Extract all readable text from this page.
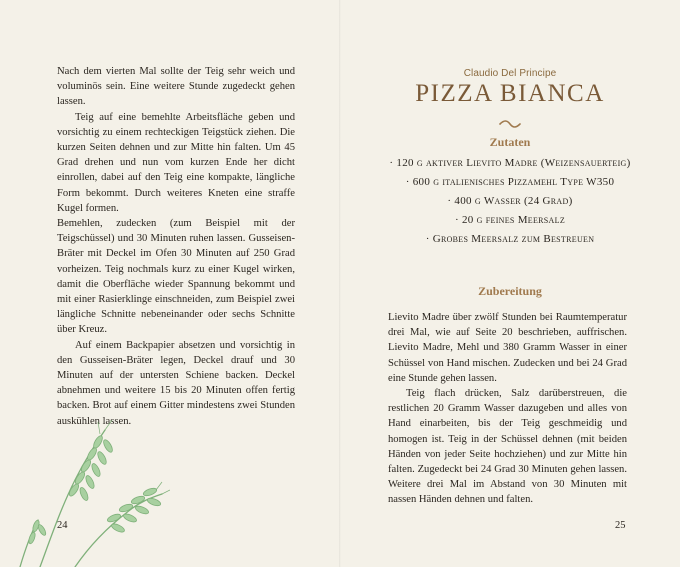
Nach dem vierten Mal sollte der Teig sehr weich und voluminös sein. Eine weitere Stunde zugedeckt gehen lassen.

Teig auf eine bemehlte Arbeitsfläche geben und vorsichtig zu einem rechteckigen Teigstück ziehen. Die kurzen Seiten dehnen und zur Mitte hin falten. Um 45 Grad drehen und nun vom kurzen Ende her dicht einrollen, dabei auf den Teig eine kompakte, längliche Form bekommt. Durch weiteres Kneten eine straffe Kugel formen.

Bemehlen, zudecken (zum Beispiel mit der Teigschüssel) und 30 Minuten ruhen lassen. Gusseisen-Bräter mit Deckel im Ofen 30 Minuten auf 250 Grad vorheizen. Teig nochmals kurz zu einer Kugel wirken, damit die Oberfläche wieder Spannung bekommt und mit einer Rasierklinge einschneiden, zum Beispiel zwei längliche Schnitte nebeneinander oder sechs Schnitte über Kreuz.

Auf einem Backpapier absetzen und vorsichtig in den Gusseisen-Bräter legen, Deckel drauf und 30 Minuten auf der untersten Schiene backen. Deckel abnehmen und weitere 15 bis 20 Minuten offen fertig backen. Brot auf einem Gitter mindestens zwei Stunden auskühlen lassen.

24
Claudio Del Principe
PIZZA BIANCA
Zutaten
· 120 g aktiver Lievito Madre (Weizensauerteig)
· 600 g italienisches Pizzamehl Type W350
· 400 g Wasser (24 Grad)
· 20 g feines Meersalz
· Grobes Meersalz zum Bestreuen
Zubereitung

Lievito Madre über zwölf Stunden bei Raumtemperatur drei Mal, wie auf Seite 20 beschrieben, auffrischen. Lievito Madre, Mehl und 380 Gramm Wasser in einer Schüssel von Hand mischen. Zudecken und bei 24 Grad eine Stunde gehen lassen.

Teig flach drücken, Salz darüberstreuen, die restlichen 20 Gramm Wasser dazugeben und alles von Hand einarbeiten, bis der Teig geschmeidig und homogen ist. Teig in der Schüssel dehnen (mit beiden Händen von jeder Seite hochziehen) und zur Mitte hin falten. Zugedeckt bei 24 Grad 30 Minuten gehen lassen. Weitere drei Mal im Abstand von 30 Minuten mit nassen Händen dehnen und falten.

25
